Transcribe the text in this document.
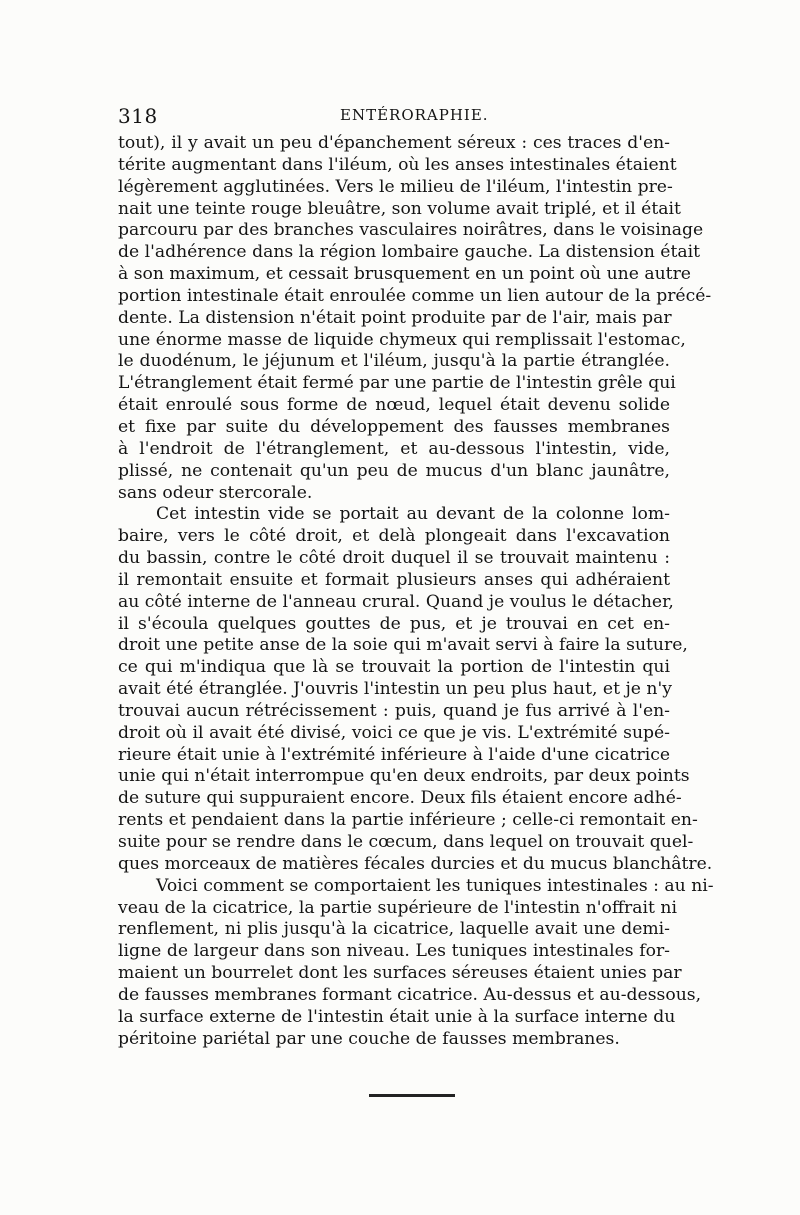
318	ENTÉRORAPHIE.

tout), il y avait un peu d'épanchement séreux : ces traces d'en-
térite augmentant dans l'iléum, où les anses intestinales étaient
légèrement agglutinées. Vers le milieu de l'iléum, l'intestin pre-
nait une teinte rouge bleuâtre, son volume avait triplé, et il était
parcouru par des branches vasculaires noirâtres, dans le voisinage
de l'adhérence dans la région lombaire gauche. La distension était
à son maximum, et cessait brusquement en un point où une autre
portion intestinale était enroulée comme un lien autour de la précé-
dente. La distension n'était point produite par de l'air, mais par
une énorme masse de liquide chymeux qui remplissait l'estomac,
le duodénum, le jéjunum et l'iléum, jusqu'à la partie étranglée.
L'étranglement était fermé par une partie de l'intestin grêle qui
était enroulé sous forme de nœud, lequel était devenu solide
et fixe par suite du développement des fausses membranes
à l'endroit de l'étranglement, et au-dessous l'intestin, vide,
plissé, ne contenait qu'un peu de mucus d'un blanc jaunâtre,
sans odeur stercorale.

Cet intestin vide se portait au devant de la colonne lom-
baire, vers le côté droit, et delà plongeait dans l'excavation
du bassin, contre le côté droit duquel il se trouvait maintenu :
il remontait ensuite et formait plusieurs anses qui adhéraient
au côté interne de l'anneau crural. Quand je voulus le détacher,
il s'écoula quelques gouttes de pus, et je trouvai en cet en-
droit une petite anse de la soie qui m'avait servi à faire la suture,
ce qui m'indiqua que là se trouvait la portion de l'intestin qui
avait été étranglée. J'ouvris l'intestin un peu plus haut, et je n'y
trouvai aucun rétrécissement : puis, quand je fus arrivé à l'en-
droit où il avait été divisé, voici ce que je vis. L'extrémité supé-
rieure était unie à l'extrémité inférieure à l'aide d'une cicatrice
unie qui n'était interrompue qu'en deux endroits, par deux points
de suture qui suppuraient encore. Deux fils étaient encore adhé-
rents et pendaient dans la partie inférieure ; celle-ci remontait en-
suite pour se rendre dans le cœcum, dans lequel on trouvait quel-
ques morceaux de matières fécales durcies et du mucus blanchâtre.

Voici comment se comportaient les tuniques intestinales : au ni-
veau de la cicatrice, la partie supérieure de l'intestin n'offrait ni
renflement, ni plis jusqu'à la cicatrice, laquelle avait une demi-
ligne de largeur dans son niveau. Les tuniques intestinales for-
maient un bourrelet dont les surfaces séreuses étaient unies par
de fausses membranes formant cicatrice. Au-dessus et au-dessous,
la surface externe de l'intestin était unie à la surface interne du
péritoine pariétal par une couche de fausses membranes.
